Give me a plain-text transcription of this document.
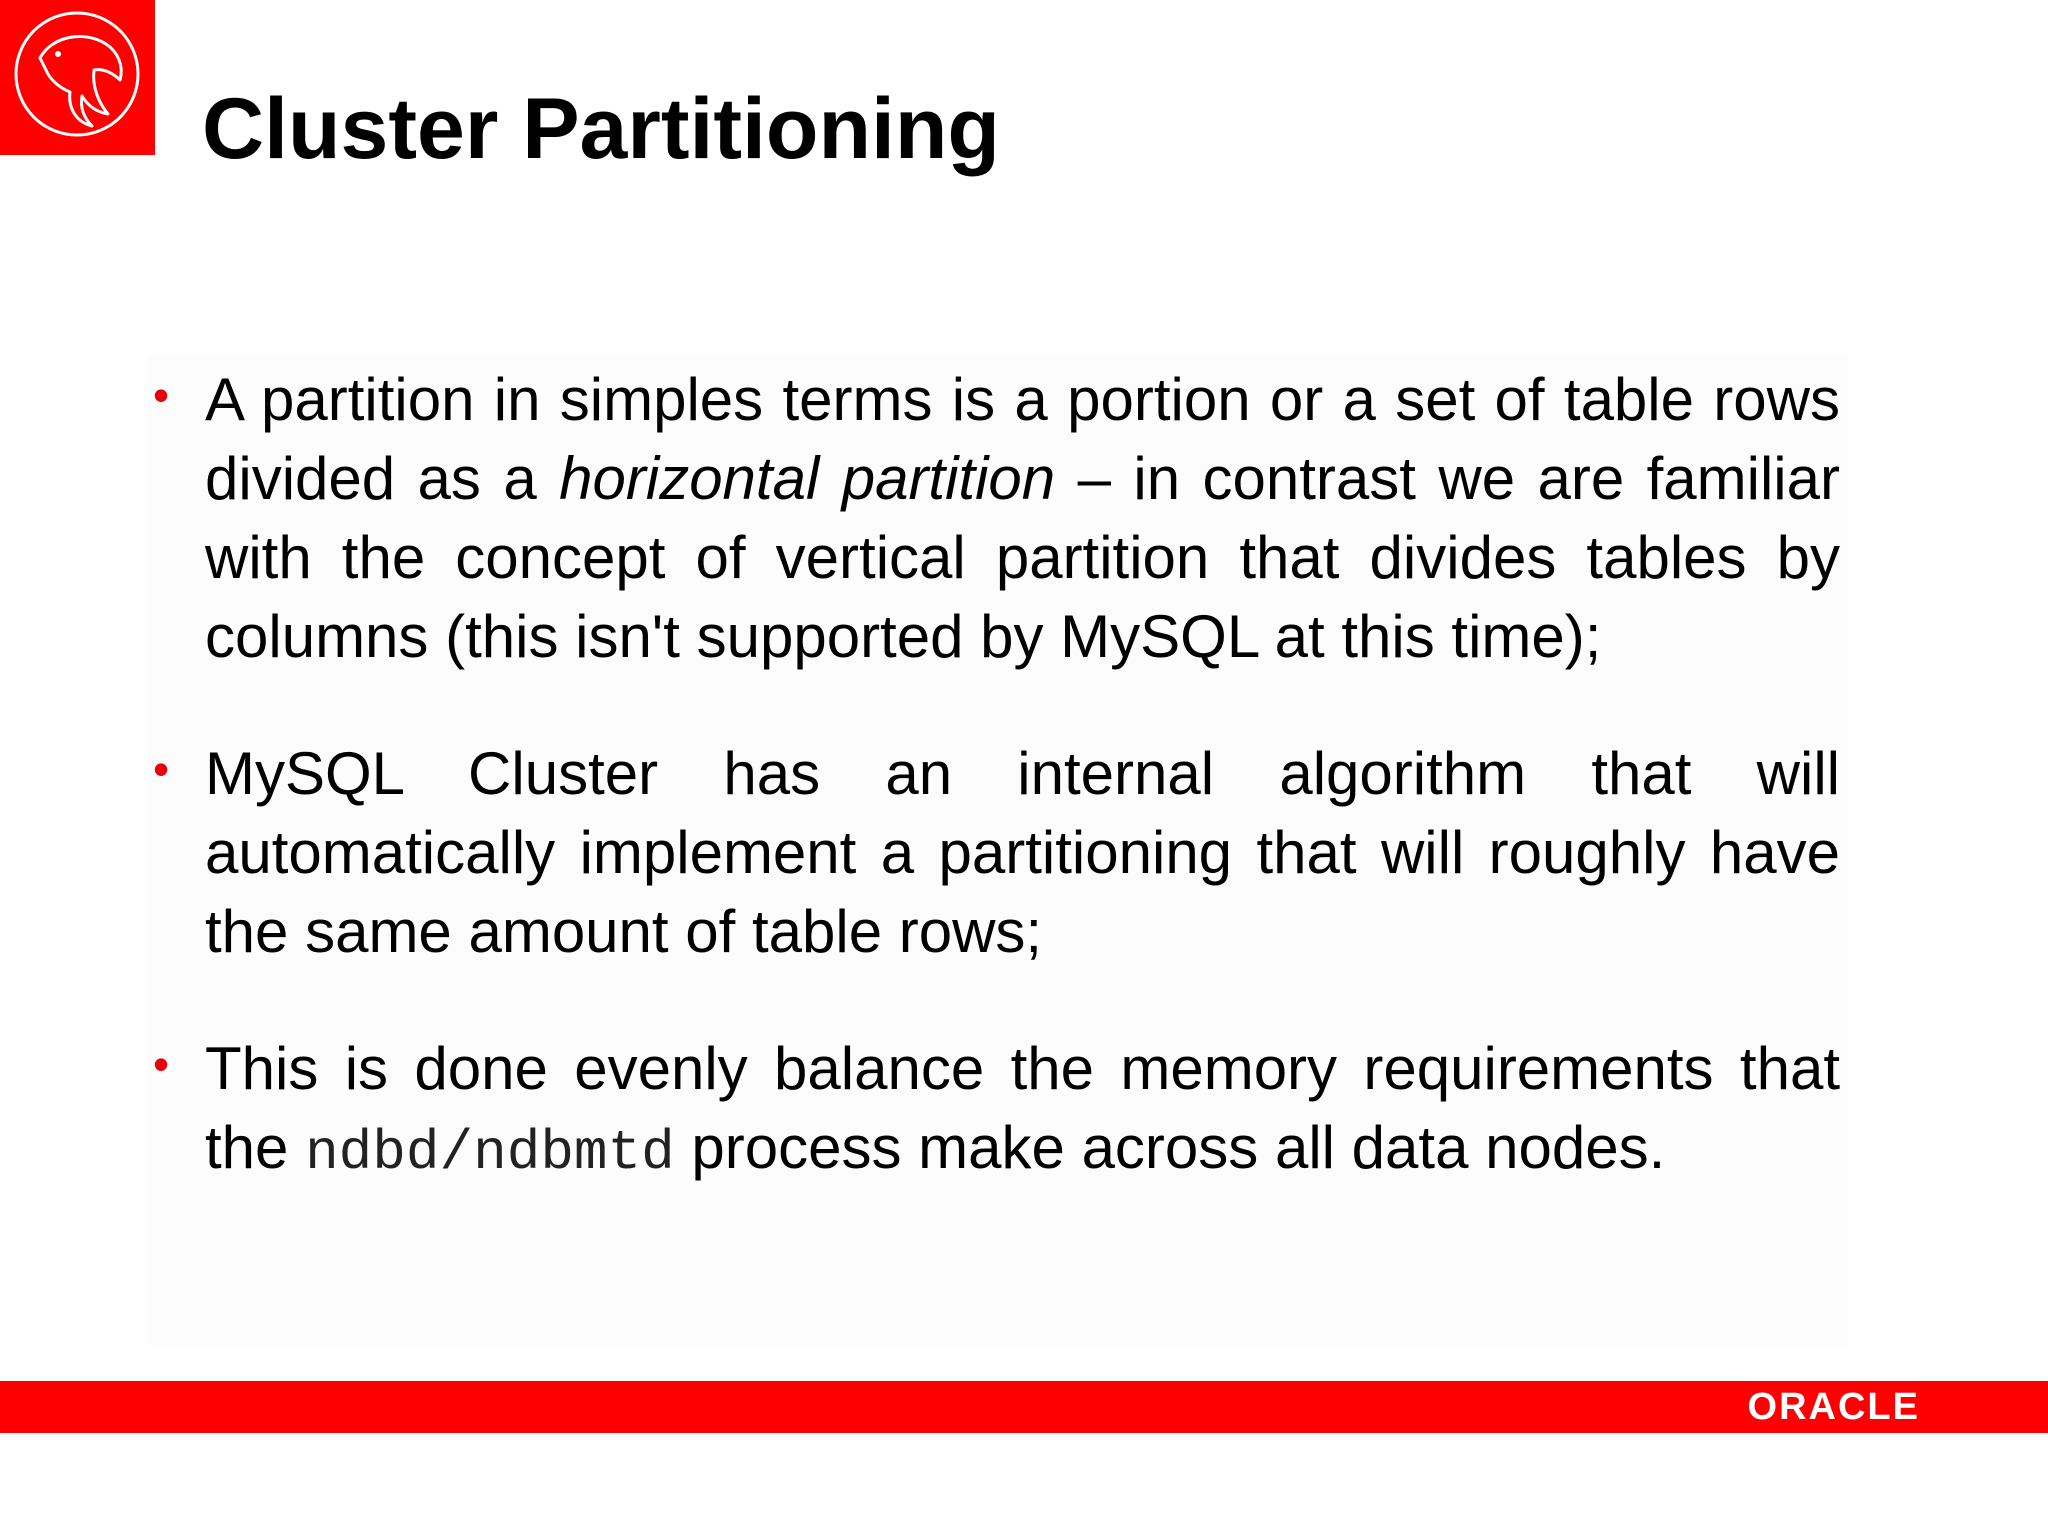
Cluster Partitioning
• A partition in simples terms is a portion or a set of table rows divided as a horizontal partition – in contrast we are familiar with the concept of vertical partition that divides tables by columns (this isn't supported by MySQL at this time);
• MySQL Cluster has an internal algorithm that will automatically implement a partitioning that will roughly have the same amount of table rows;
• This is done evenly balance the memory requirements that the ndbd/ndbmtd process make across all data nodes.
ORACLE
